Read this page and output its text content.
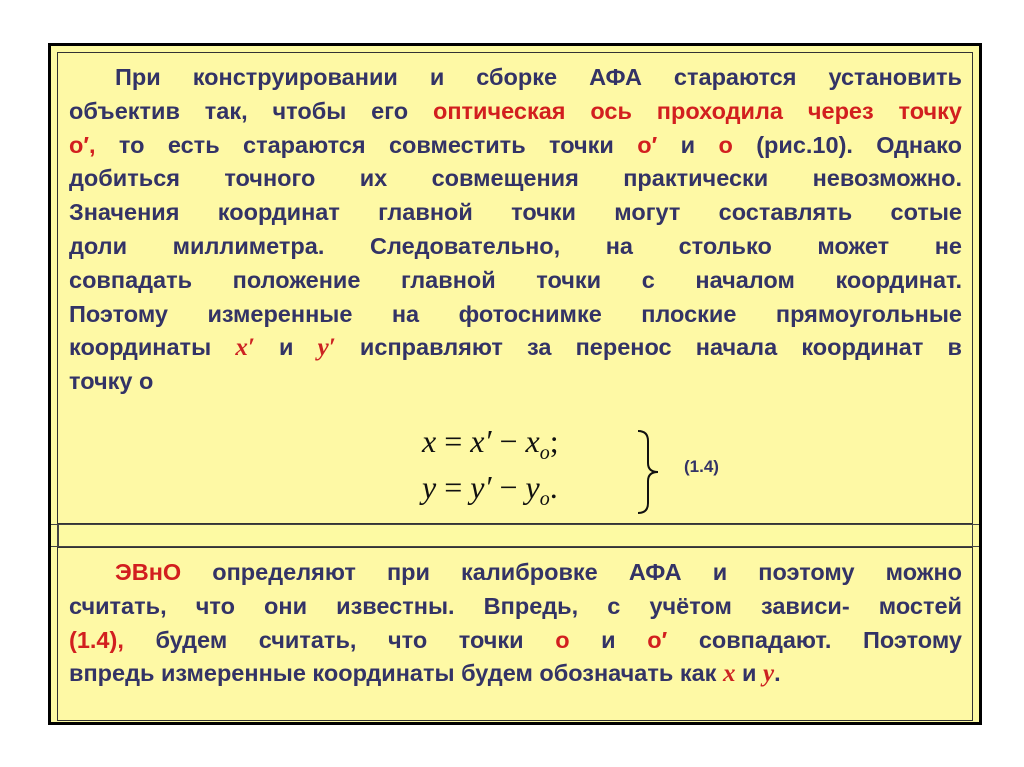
При конструировании и сборке АФА стараются установить
объектив так, чтобы его оптическая ось проходила через точку
о′, то есть стараются совместить точки о′ и о (рис.10). Однако
добиться точного их совмещения практически невозможно.
Значения координат главной точки могут составлять сотые
доли миллиметра. Следовательно, на столько может не
совпадать положение главной точки с началом координат.
Поэтому измеренные на фотоснимке плоские прямоугольные
координаты x′ и y′ исправляют за перенос начала координат в
точку о
$x = x' - x_o$;
$y = y' - y_o$.
(1.4)
ЭВнО определяют при калибровке АФА и поэтому можно
считать, что они известны. Впредь, с учётом зависи- мостей
(1.4), будем считать, что точки о и о′ совпадают. Поэтому
впредь измеренные координаты будем обозначать как x и y.
